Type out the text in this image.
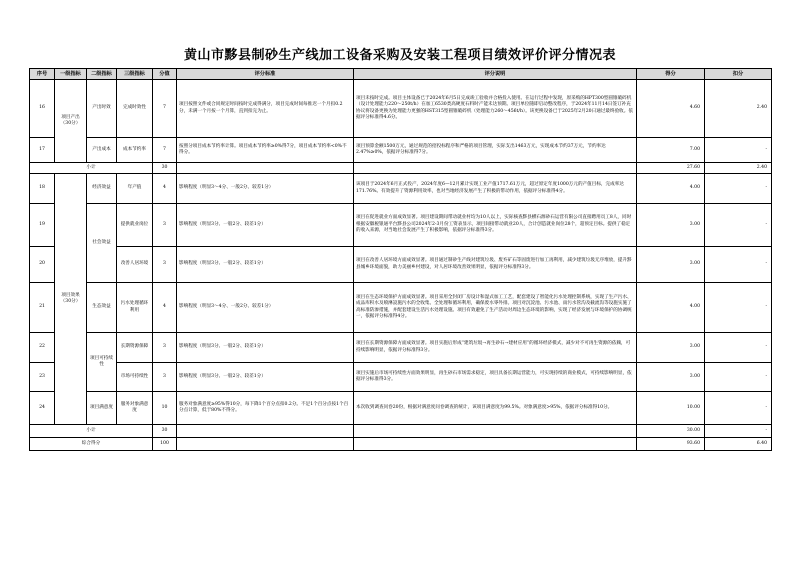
黄山市黟县制砂生产线加工设备采购及安装工程项目绩效评价评分情况表
序号	一级指标	二级指标	三级指标	分值	评分标准	评分说明	得分	扣分
16	项目产出（30分）	产出时效	完成时效性	7	项目按照文件或合同规定时间按时完成得满分，项目完成时间每推迟一个月扣0.2分，未满一个月按一个月算，直到扣完为止。	项目未按时完成。项目主体设备已于2024年6月5日完成竣工验收并合格投入使用。在运行过程中发现，原采购的HPT300型圆锥破碎机（设计处理能力220～250t/h）在加工6530类高硬度石料时产能未达预期。项目单位随即启动整改程序，于2024年11月14日签订补充协议将设备更换为处理能力更强的HST315型圆锥破碎机（处理能力260～456t/h）。该更换设备已于2025年2月20日通过最终验收。依据评分标准得4.6分。	4.60	2.40
17		产出成本	成本节约率	7	按照分项目成本节约率计算。项目成本节约率≥0%得7分，项目成本节约率<0%不得分。	项目预算金额1500万元，通过规范的招投标程序和严格的项目管理，实际支出1463万元，实现成本节约37万元，节约率达2.47%≥0%，依据评分标准得7分。	7.00	-
小计				30			27.60	2.40
18	项目效果（30分）	经济效益	年产值	4	影响程度（明显3～4分、一般2分、较差1分）	该项目于2024年6月正式投产，2024年度6—12月累计实现工业产值1717.61万元，超过原定年度1000万元的产值目标，完成率达171.76%。有效提升了资源利用效率，也对当地经济发展产生了积极的带动作用，依据评分标准得4分。	4.00	-
19		社会效益	提供就业岗位	3	影响程度（明显3分、一般2分、较差1分）	项目在促进就业方面成效显著。项目建设期间带动就业村均为10人以上，实际核查黟县横石源砂石运营有限公司直接聘用员工8人，同时根据安徽税银通平台黟县公司2024年2-3月份工资表显示，项目间接带动就业20人，合计创造就业岗位28个，超预定目标。提供了稳定的收入来源，对当地社会发展产生了积极影响，依据评分标准得3分。	3.00	-
20			改善人居环境	3	影响程度（明显3分、一般2分、较差1分）	项目在改善人居环境方面成效显著。项目通过制砂生产线对建筑垃圾、废弃矿石等固废进行加工再利用，减少建筑垃圾无序堆放，提升黟县城乡环境面貌，助力美丽乡村建设，对人居环境改善效果明显，依据评分标准得3分。	3.00	-
21		生态效益	污水处理循环利用	4	影响程度（明显3～4分、一般2分、较差1分）	项目在生态环境保护方面成效显著。项目采用全封闭厂房设计和湿式加工工艺，配套建设了智能化污水处理控制系统，实现了生产污水、成品库积水及喷淋設施污水的全收集、全处理和循环利用，确保废水零外排。项目对沉淀池、污水池、雨污水管沟及截流沟等设施实施了高标准防渗措施，并配套建设生活污水处理设施。项目有效避免了生产活动对周边生态环境的影响，实现了经济发展与环境保护的协调统一，依据评分标准得4分。	4.00	-
22		项目可持续性	长期资源保障	3	影响程度（明显3分、一般2分、较差1分）	项目在长期资源保障方面成效显著。项目实施后形成“建筑垃圾→再生砂石→建材应用”的循环经济模式，减少对不可再生资源的依赖，可持续影响明显，依据评分标准得3分。	3.00	-
23			市场可持续性	3	影响程度（明显3分、一般2分、较差1分）	项目实施后市场可持续性方面效果明显，再生砂石市场需求稳定，项目具备长期运营能力，可实现持续的商业模式，可持续影响明显，依据评分标准得3分。	3.00	-
24		项目满意度	服务对象满意度	10	服务对象满意度≥95%得10分，每下降1个百分点扣0.2分。不足1个百分点按1个百分点计算，低于80%不得分。	本次收到调查问卷20份，根据对满意度问卷调查的统计，该项目满意度为99.5%。对象满意度>95%，依据评分标准得10分。	10.00	-
小计				30			30.00	-
综合得分				100			93.60	6.40
